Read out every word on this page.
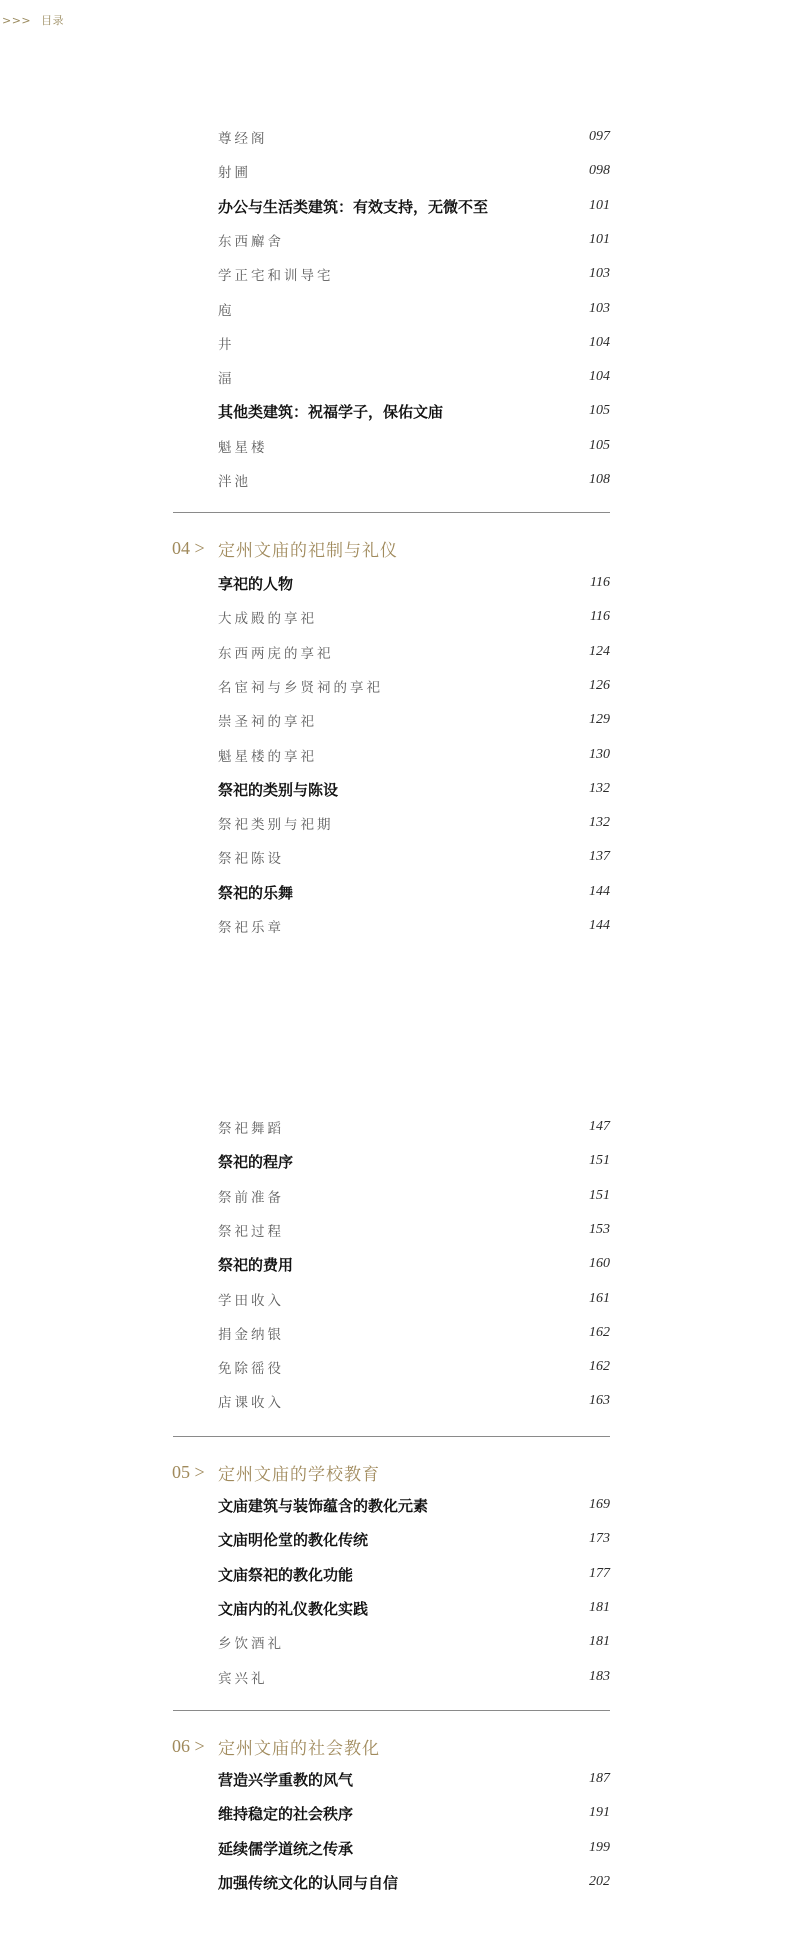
>>> 目录
04 > 定州文庙的祀制与礼仪
05 > 定州文庙的学校教育
06 > 定州文庙的社会教化
尊经阁	097
射圃	098
办公与生活类建筑：有效支持，无微不至	101
东西廨舍	101
学正宅和训导宅	103
庖	103
井	104
湢	104
其他类建筑：祝福学子，保佑文庙	105
魁星楼	105
泮池	108
享祀的人物	116
大成殿的享祀	116
东西两庑的享祀	124
名宦祠与乡贤祠的享祀	126
崇圣祠的享祀	129
魁星楼的享祀	130
祭祀的类别与陈设	132
祭祀类别与祀期	132
祭祀陈设	137
祭祀的乐舞	144
祭祀乐章	144
祭祀舞蹈	147
祭祀的程序	151
祭前准备	151
祭祀过程	153
祭祀的费用	160
学田收入	161
捐金纳银	162
免除徭役	162
店课收入	163
文庙建筑与装饰蕴含的教化元素	169
文庙明伦堂的教化传统	173
文庙祭祀的教化功能	177
文庙内的礼仪教化实践	181
乡饮酒礼	181
宾兴礼	183
营造兴学重教的风气	187
维持稳定的社会秩序	191
延续儒学道统之传承	199
加强传统文化的认同与自信	202
